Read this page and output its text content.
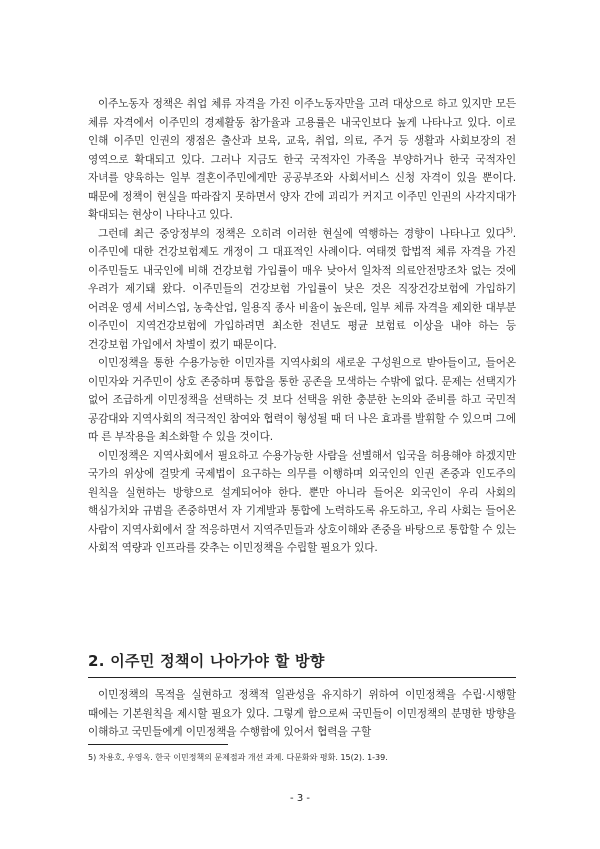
이주노동자 정책은 취업 체류 자격을 가진 이주노동자만을 고려 대상으로 하고 있지만 모든 체류 자격에서 이주민의 경제활동 참가율과 고용률은 내국인보다 높게 나타나고 있다. 이로 인해 이주민 인권의 쟁점은 출산과 보육, 교육, 취업, 의료, 주거 등 생활과 사회보장의 전 영역으로 확대되고 있다. 그러나 지금도 한국 국적자인 가족을 부양하거나 한국 국적자인 자녀를 양육하는 일부 결혼이주민에게만 공공부조와 사회서비스 신청 자격이 있을 뿐이다. 때문에 정책이 현실을 따라잡지 못하면서 양자 간에 괴리가 커지고 이주민 인권의 사각지대가 확대되는 현상이 나타나고 있다.

그런데 최근 중앙정부의 정책은 오히려 이러한 현실에 역행하는 경향이 나타나고 있다$^{5)}$. 이주민에 대한 건강보험제도 개정이 그 대표적인 사례이다. 여태껏 합법적 체류 자격을 가진 이주민들도 내국인에 비해 건강보험 가입률이 매우 낮아서 일차적 의료안전망조차 없는 것에 우려가 제기돼 왔다. 이주민들의 건강보험 가입률이 낮은 것은 직장건강보험에 가입하기 어려운 영세 서비스업, 농축산업, 일용직 종사 비율이 높은데, 일부 체류 자격을 제외한 대부분 이주민이 지역건강보험에 가입하려면 최소한 전년도 평균 보험료 이상을 내야 하는 등 건강보험 가입에서 차별이 컸기 때문이다.

이민정책을 통한 수용가능한 이민자를 지역사회의 새로운 구성원으로 받아들이고, 들어온 이민자와 거주민이 상호 존중하며 통합을 통한 공존을 모색하는 수밖에 없다. 문제는 선택지가 없어 조급하게 이민정책을 선택하는 것 보다 선택을 위한 충분한 논의와 준비를 하고 국민적 공감대와 지역사회의 적극적인 참여와 협력이 형성될 때 더 나은 효과를 발휘할 수 있으며 그에 따 른 부작용을 최소화할 수 있을 것이다.

이민정책은 지역사회에서 필요하고 수용가능한 사람을 선별해서 입국을 허용해야 하겠지만 국가의 위상에 걸맞게 국제법이 요구하는 의무를 이행하며 외국인의 인권 존중과 인도주의 원칙을 실현하는 방향으로 설계되어야 한다. 뿐만 아니라 들어온 외국인이 우리 사회의 핵심가치와 규범을 존중하면서 자 기계발과 통합에 노력하도록 유도하고, 우리 사회는 들어온 사람이 지역사회에서 잘 적응하면서 지역주민들과 상호이해와 존중을 바탕으로 통합할 수 있는 사회적 역량과 인프라를 갖추는 이민정책을 수립할 필요가 있다.

2. 이주민 정책이 나아가야 할 방향

이민정책의 목적을 실현하고 정책적 일관성을 유지하기 위하여 이민정책을 수립·시행할 때에는 기본원칙을 제시할 필요가 있다. 그렇게 함으로써 국민들이 이민정책의 분명한 방향을 이해하고 국민들에게 이민정책을 수행함에 있어서 협력을 구할

5) 차용호, 우영옥. 한국 이민정책의 문제점과 개선 과제. 다문화와 평화. 15(2). 1-39.
- 3 -
